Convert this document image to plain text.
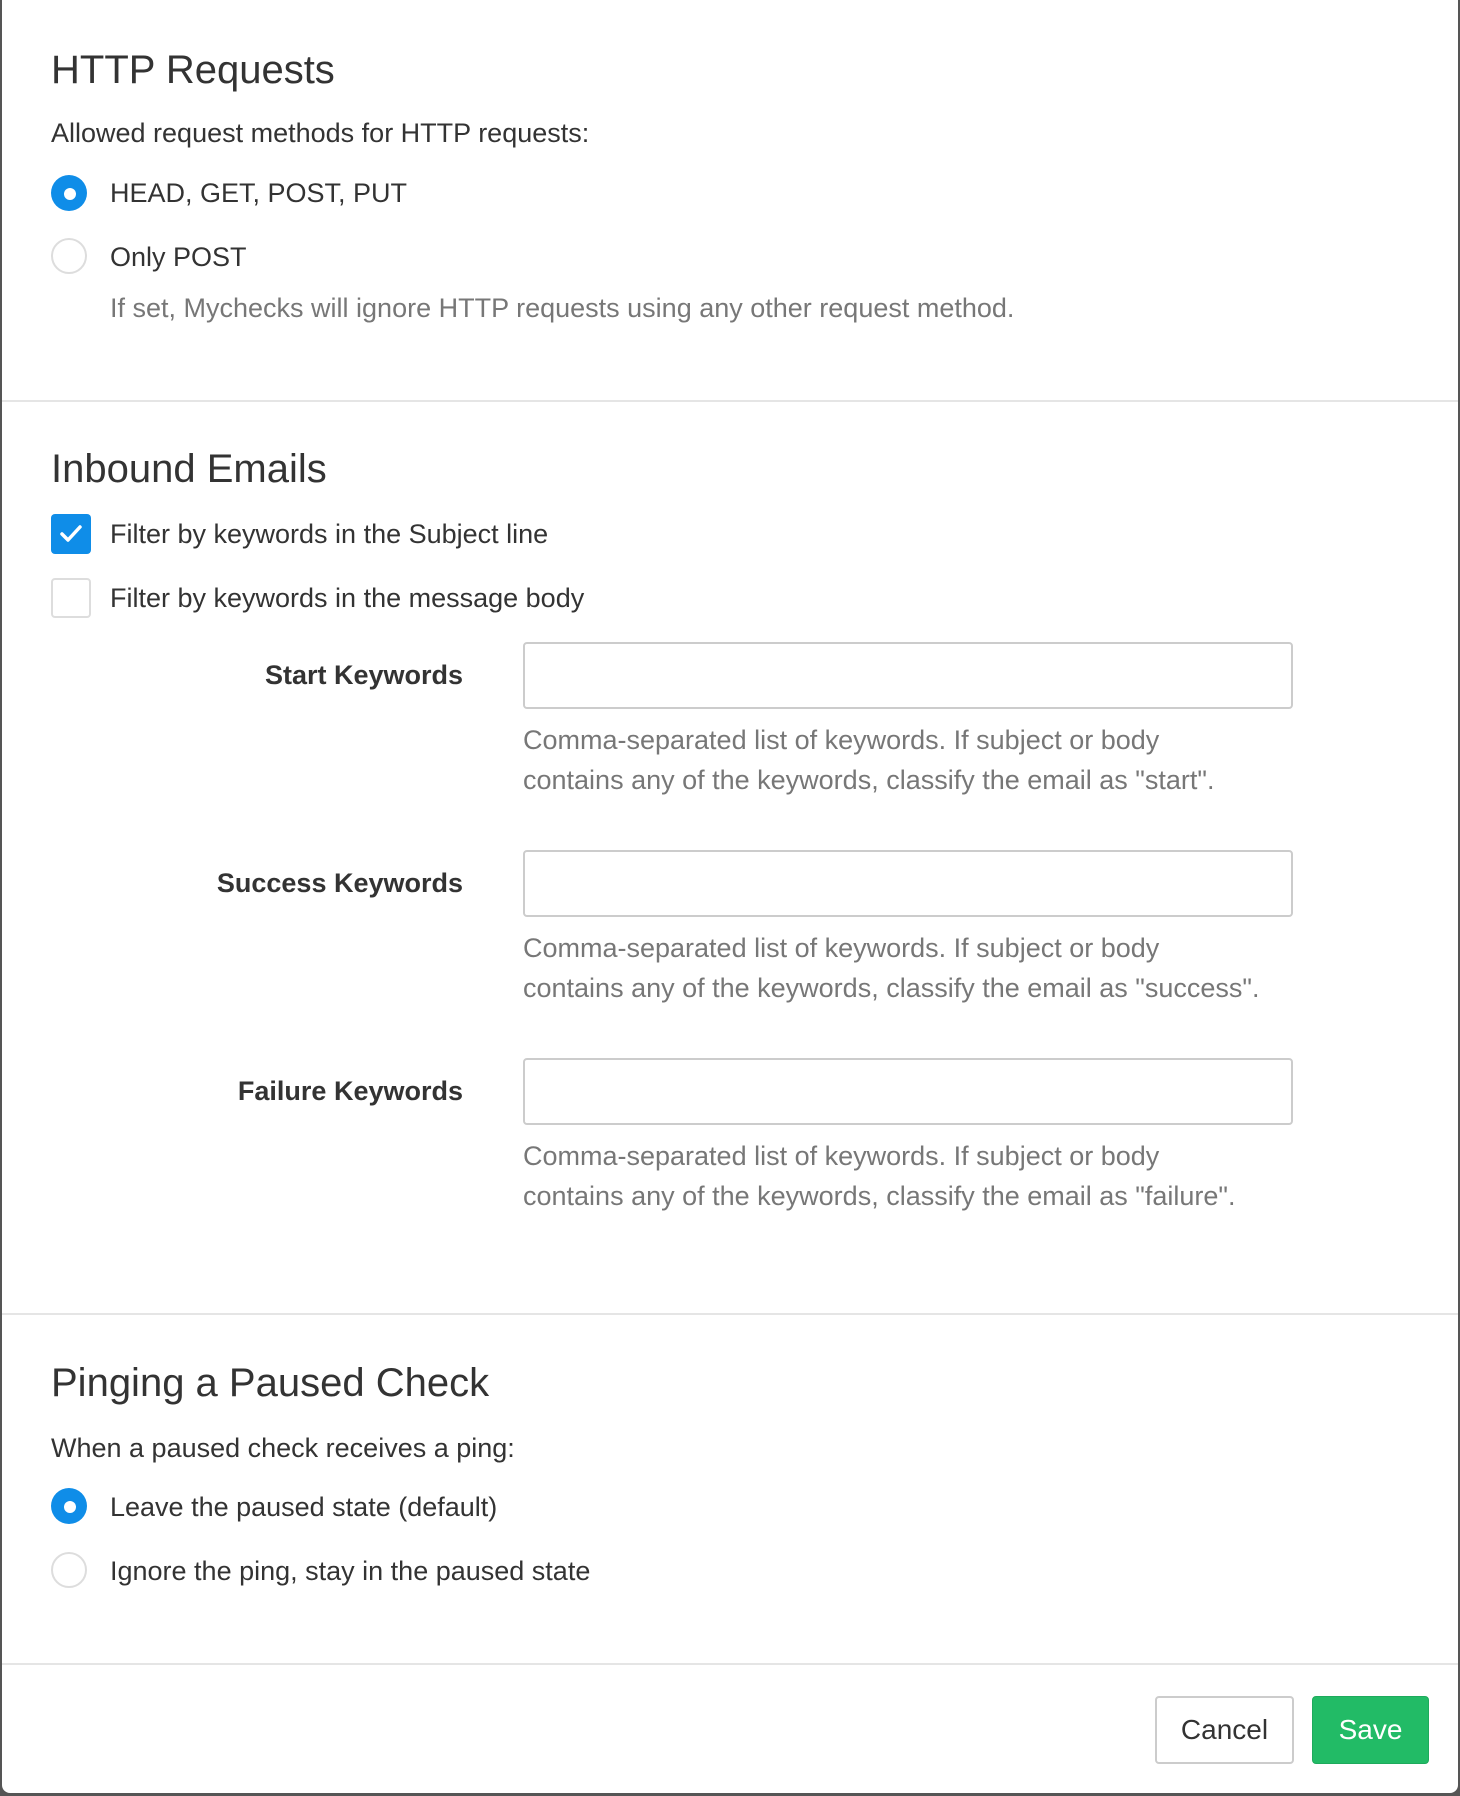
HTTP Requests
Allowed request methods for HTTP requests:
HEAD, GET, POST, PUT
Only POST
If set, Mychecks will ignore HTTP requests using any other request method.
Inbound Emails
Filter by keywords in the Subject line
Filter by keywords in the message body
Start Keywords
Comma-separated list of keywords. If subject or body
contains any of the keywords, classify the email as "start".
Success Keywords
Comma-separated list of keywords. If subject or body
contains any of the keywords, classify the email as "success".
Failure Keywords
Comma-separated list of keywords. If subject or body
contains any of the keywords, classify the email as "failure".
Pinging a Paused Check
When a paused check receives a ping:
Leave the paused state (default)
Ignore the ping, stay in the paused state
Cancel	Save
